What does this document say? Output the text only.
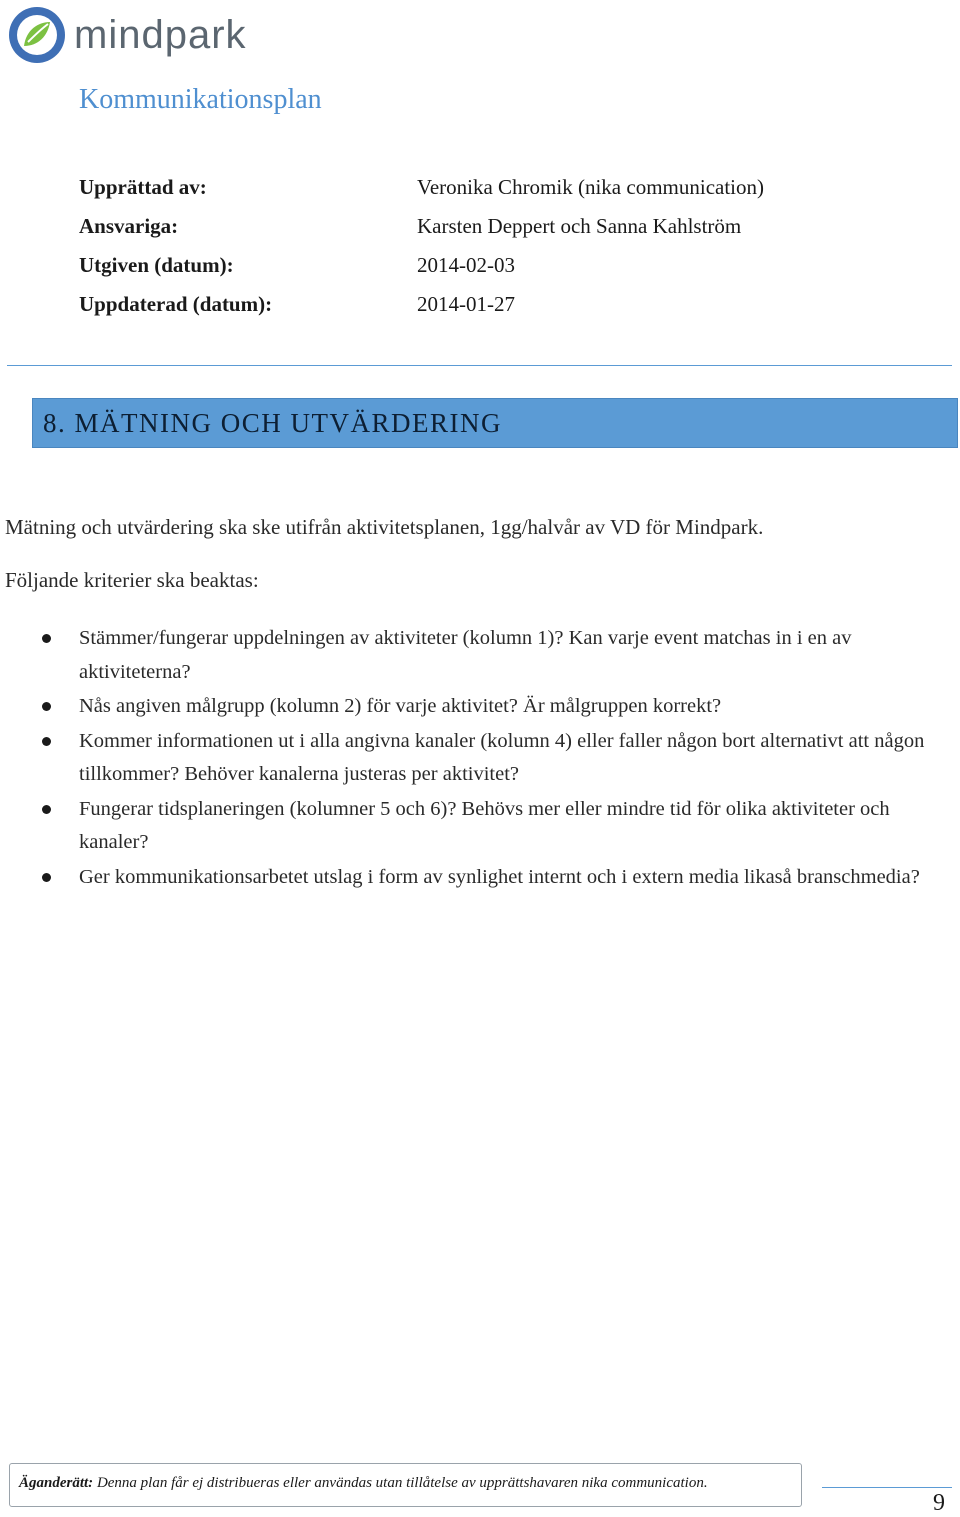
mindpark
Kommunikationsplan
Upprättad av:	Veronika Chromik (nika communication)
Ansvariga:	Karsten Deppert och Sanna Kahlström
Utgiven (datum):	2014-02-03
Uppdaterad (datum):	2014-01-27
8. MÄTNING OCH UTVÄRDERING
Mätning och utvärdering ska ske utifrån aktivitetsplanen, 1gg/halvår av VD för Mindpark.
Följande kriterier ska beaktas:
Stämmer/fungerar uppdelningen av aktiviteter (kolumn 1)? Kan varje event matchas in i en av aktiviteterna?
Nås angiven målgrupp (kolumn 2) för varje aktivitet? Är målgruppen korrekt?
Kommer informationen ut i alla angivna kanaler (kolumn 4) eller faller någon bort alternativt att någon tillkommer? Behöver kanalerna justeras per aktivitet?
Fungerar tidsplaneringen (kolumner 5 och 6)? Behövs mer eller mindre tid för olika aktiviteter och kanaler?
Ger kommunikationsarbetet utslag i form av synlighet internt och i extern media likaså branschmedia?
Äganderätt: Denna plan får ej distribueras eller användas utan tillåtelse av upprättshavaren nika communication.
9
